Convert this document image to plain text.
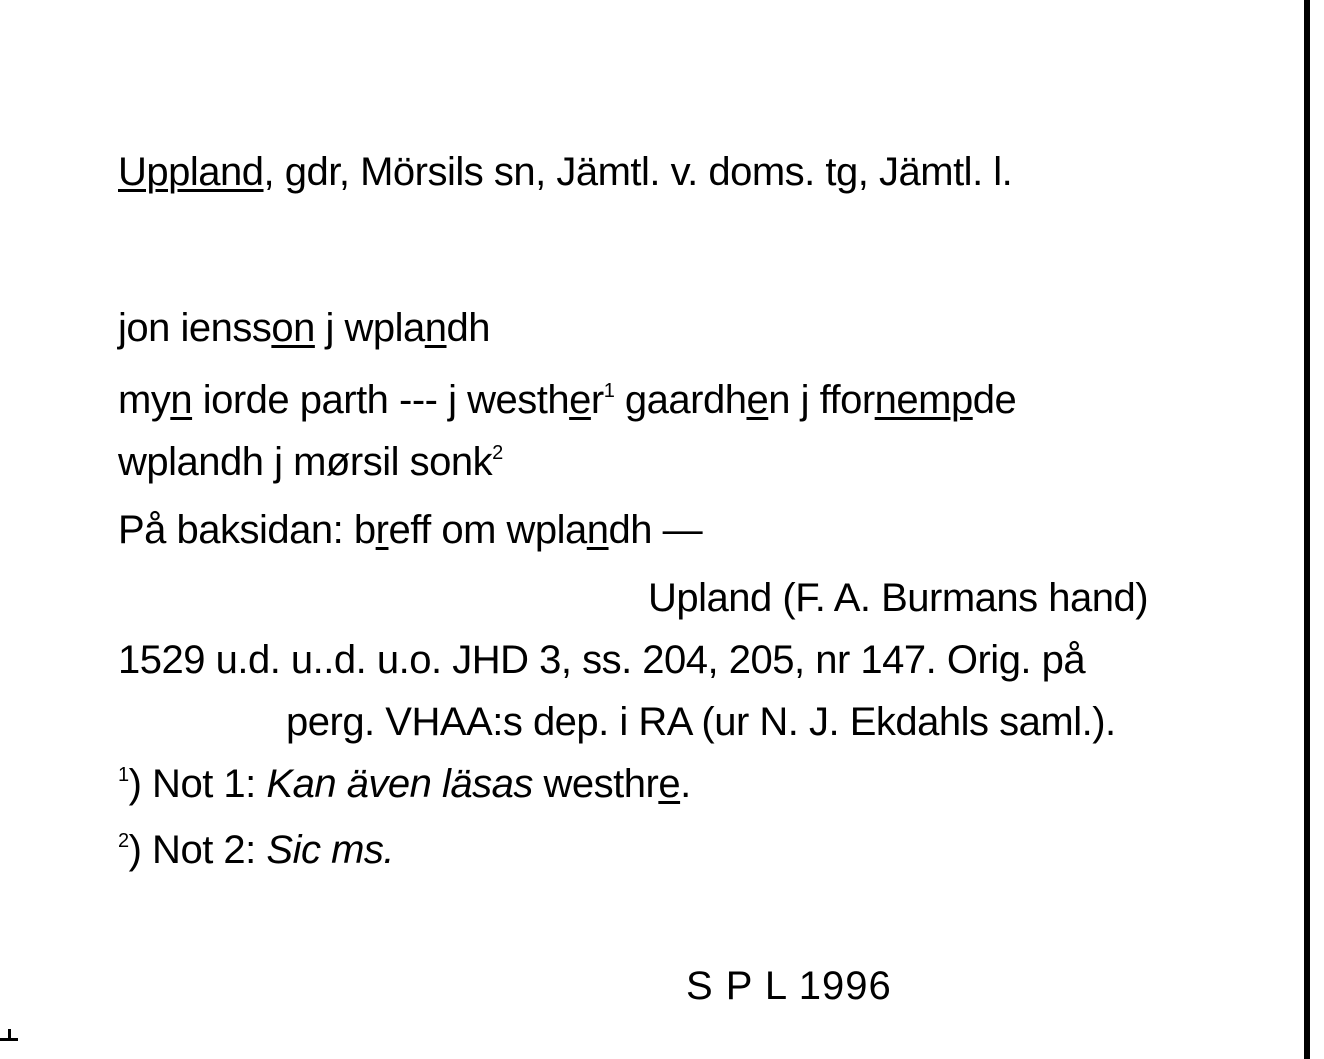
Uppland, gdr, Mörsils sn, Jämtl. v. doms. tg, Jämtl. l.
jon iensson j wplandh
myn iorde parth --- j westher$^1$ gaardhen j ffornempde
wplandh j mørsil sonk$^2$
På baksidan: breff om wplandh —
Upland (F. A. Burmans hand)
1529 u.d. u..d. u.o. JHD 3, ss. 204, 205, nr 147. Orig. på
perg. VHAA:s dep. i RA (ur N. J. Ekdahls saml.).
$^1$) Not 1: Kan även läsas westhre.
$^2$) Not 2: Sic ms.
S P L 1996
